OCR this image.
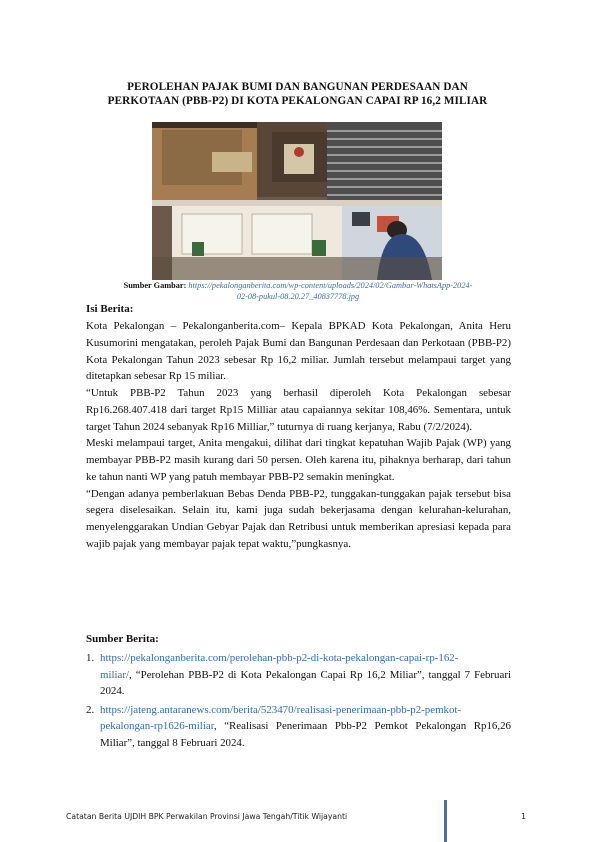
PEROLEHAN PAJAK BUMI DAN BANGUNAN PERDESAAN DAN
PERKOTAAN (PBB-P2) DI KOTA PEKALONGAN CAPAI RP 16,2 MILIAR
Sumber Gambar: https://pekalonganberita.com/wp-content/uploads/2024/02/Gambar-WhatsApp-2024-
02-08-pukul-08.20.27_40837778.jpg
Isi Berita:

Kota Pekalongan – Pekalonganberita.com– Kepala BPKAD Kota Pekalongan, Anita Heru Kusumorini mengatakan, peroleh Pajak Bumi dan Bangunan Perdesaan dan Perkotaan (PBB-P2) Kota Pekalongan Tahun 2023 sebesar Rp 16,2 miliar. Jumlah tersebut melampaui target yang ditetapkan sebesar Rp 15 miliar.

“Untuk PBB-P2 Tahun 2023 yang berhasil diperoleh Kota Pekalongan sebesar Rp16.268.407.418 dari target Rp15 Milliar atau capaiannya sekitar 108,46%. Sementara, untuk target Tahun 2024 sebanyak Rp16 Milliar,” tuturnya di ruang kerjanya, Rabu (7/2/2024).

Meski melampaui target, Anita mengakui, dilihat dari tingkat kepatuhan Wajib Pajak (WP) yang membayar PBB-P2 masih kurang dari 50 persen. Oleh karena itu, pihaknya berharap, dari tahun ke tahun nanti WP yang patuh membayar PBB-P2 semakin meningkat.

“Dengan adanya pemberlakuan Bebas Denda PBB-P2, tunggakan-tunggakan pajak tersebut bisa segera diselesaikan. Selain itu, kami juga sudah bekerjasama dengan kelurahan-kelurahan, menyelenggarakan Undian Gebyar Pajak dan Retribusi untuk memberikan apresiasi kepada para wajib pajak yang membayar pajak tepat waktu,”pungkasnya.

Sumber Berita:

1. https://pekalonganberita.com/perolehan-pbb-p2-di-kota-pekalongan-capai-rp-162-
miliar/, “Perolehan PBB-P2 di Kota Pekalongan Capai Rp 16,2 Miliar”, tanggal 7 Februari 2024.

2. https://jateng.antaranews.com/berita/523470/realisasi-penerimaan-pbb-p2-pemkot-
pekalongan-rp1626-miliar, “Realisasi Penerimaan Pbb-P2 Pemkot Pekalongan Rp16,26 Miliar”, tanggal 8 Februari 2024.

Catatan Berita UJDIH BPK Perwakilan Provinsi Jawa Tengah/Titik Wijayanti	1
